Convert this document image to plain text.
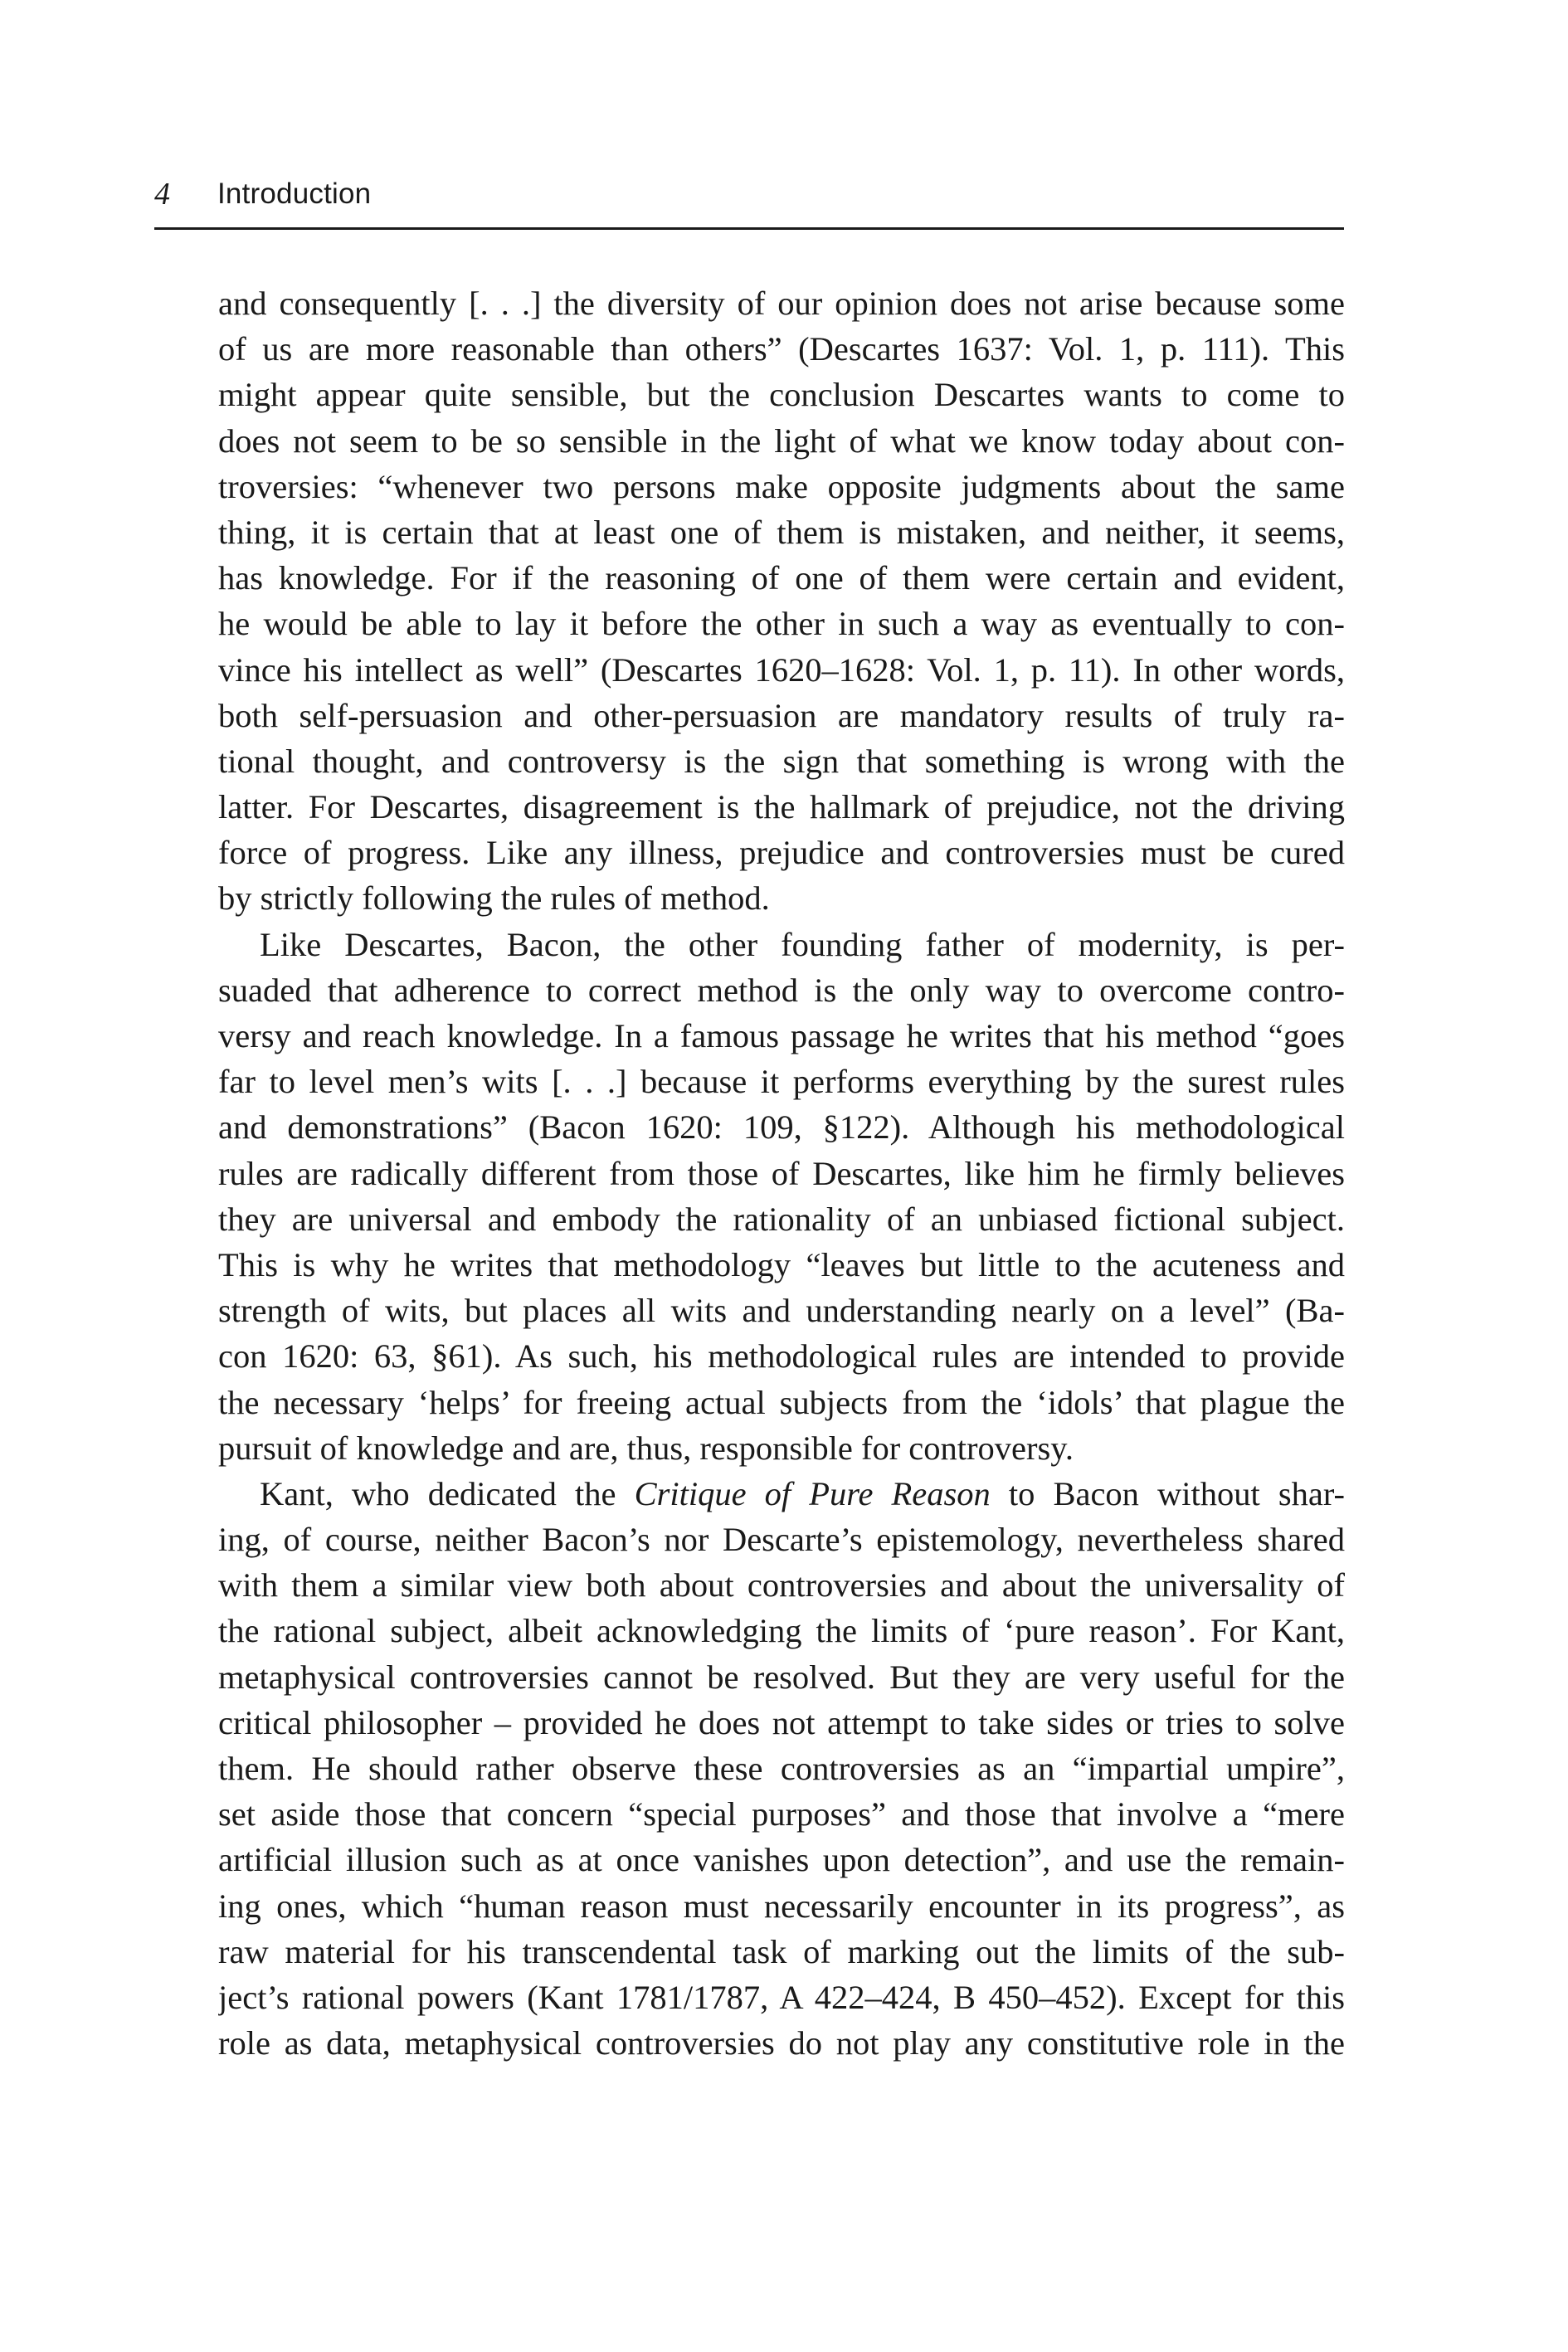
4 Introduction
and consequently [. . .] the diversity of our opinion does not arise because some
of us are more reasonable than others” (Descartes 1637: Vol. 1, p. 111). This
might appear quite sensible, but the conclusion Descartes wants to come to
does not seem to be so sensible in the light of what we know today about con-
troversies: “whenever two persons make opposite judgments about the same
thing, it is certain that at least one of them is mistaken, and neither, it seems,
has knowledge. For if the reasoning of one of them were certain and evident,
he would be able to lay it before the other in such a way as eventually to con-
vince his intellect as well” (Descartes 1620–1628: Vol. 1, p. 11). In other words,
both self-persuasion and other-persuasion are mandatory results of truly ra-
tional thought, and controversy is the sign that something is wrong with the
latter. For Descartes, disagreement is the hallmark of prejudice, not the driving
force of progress. Like any illness, prejudice and controversies must be cured
by strictly following the rules of method.
Like Descartes, Bacon, the other founding father of modernity, is per-
suaded that adherence to correct method is the only way to overcome contro-
versy and reach knowledge. In a famous passage he writes that his method “goes
far to level men’s wits [. . .] because it performs everything by the surest rules
and demonstrations” (Bacon 1620: 109, §122). Although his methodological
rules are radically different from those of Descartes, like him he firmly believes
they are universal and embody the rationality of an unbiased fictional subject.
This is why he writes that methodology “leaves but little to the acuteness and
strength of wits, but places all wits and understanding nearly on a level” (Ba-
con 1620: 63, §61). As such, his methodological rules are intended to provide
the necessary ‘helps’ for freeing actual subjects from the ‘idols’ that plague the
pursuit of knowledge and are, thus, responsible for controversy.
Kant, who dedicated the Critique of Pure Reason to Bacon without shar-
ing, of course, neither Bacon’s nor Descarte’s epistemology, nevertheless shared
with them a similar view both about controversies and about the universality of
the rational subject, albeit acknowledging the limits of ‘pure reason’. For Kant,
metaphysical controversies cannot be resolved. But they are very useful for the
critical philosopher – provided he does not attempt to take sides or tries to solve
them. He should rather observe these controversies as an “impartial umpire”,
set aside those that concern “special purposes” and those that involve a “mere
artificial illusion such as at once vanishes upon detection”, and use the remain-
ing ones, which “human reason must necessarily encounter in its progress”, as
raw material for his transcendental task of marking out the limits of the sub-
ject’s rational powers (Kant 1781/1787, A 422–424, B 450–452). Except for this
role as data, metaphysical controversies do not play any constitutive role in the
